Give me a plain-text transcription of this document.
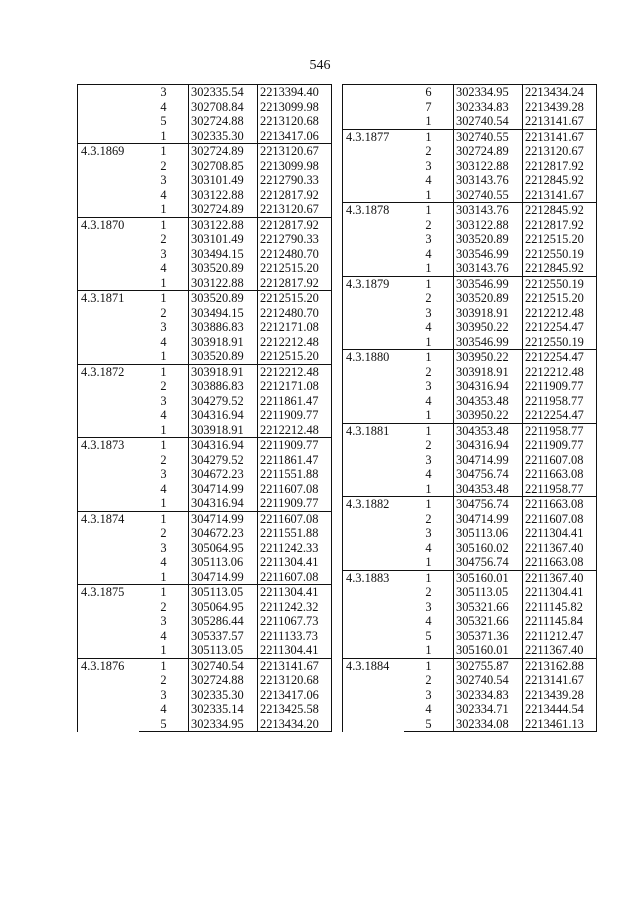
546
	3	302335.54	2213394.40
	4	302708.84	2213099.98
	5	302724.88	2213120.68
	1	302335.30	2213417.06
4.3.1869	1	302724.89	2213120.67
	2	302708.85	2213099.98
	3	303101.49	2212790.33
	4	303122.88	2212817.92
	1	302724.89	2213120.67
4.3.1870	1	303122.88	2212817.92
	2	303101.49	2212790.33
	3	303494.15	2212480.70
	4	303520.89	2212515.20
	1	303122.88	2212817.92
4.3.1871	1	303520.89	2212515.20
	2	303494.15	2212480.70
	3	303886.83	2212171.08
	4	303918.91	2212212.48
	1	303520.89	2212515.20
4.3.1872	1	303918.91	2212212.48
	2	303886.83	2212171.08
	3	304279.52	2211861.47
	4	304316.94	2211909.77
	1	303918.91	2212212.48
4.3.1873	1	304316.94	2211909.77
	2	304279.52	2211861.47
	3	304672.23	2211551.88
	4	304714.99	2211607.08
	1	304316.94	2211909.77
4.3.1874	1	304714.99	2211607.08
	2	304672.23	2211551.88
	3	305064.95	2211242.33
	4	305113.06	2211304.41
	1	304714.99	2211607.08
4.3.1875	1	305113.05	2211304.41
	2	305064.95	2211242.32
	3	305286.44	2211067.73
	4	305337.57	2211133.73
	1	305113.05	2211304.41
4.3.1876	1	302740.54	2213141.67
	2	302724.88	2213120.68
	3	302335.30	2213417.06
	4	302335.14	2213425.58
	5	302334.95	2213434.20
	6	302334.95	2213434.24
	7	302334.83	2213439.28
	1	302740.54	2213141.67
4.3.1877	1	302740.55	2213141.67
	2	302724.89	2213120.67
	3	303122.88	2212817.92
	4	303143.76	2212845.92
	1	302740.55	2213141.67
4.3.1878	1	303143.76	2212845.92
	2	303122.88	2212817.92
	3	303520.89	2212515.20
	4	303546.99	2212550.19
	1	303143.76	2212845.92
4.3.1879	1	303546.99	2212550.19
	2	303520.89	2212515.20
	3	303918.91	2212212.48
	4	303950.22	2212254.47
	1	303546.99	2212550.19
4.3.1880	1	303950.22	2212254.47
	2	303918.91	2212212.48
	3	304316.94	2211909.77
	4	304353.48	2211958.77
	1	303950.22	2212254.47
4.3.1881	1	304353.48	2211958.77
	2	304316.94	2211909.77
	3	304714.99	2211607.08
	4	304756.74	2211663.08
	1	304353.48	2211958.77
4.3.1882	1	304756.74	2211663.08
	2	304714.99	2211607.08
	3	305113.06	2211304.41
	4	305160.02	2211367.40
	1	304756.74	2211663.08
4.3.1883	1	305160.01	2211367.40
	2	305113.05	2211304.41
	3	305321.66	2211145.82
	4	305321.66	2211145.84
	5	305371.36	2211212.47
	1	305160.01	2211367.40
4.3.1884	1	302755.87	2213162.88
	2	302740.54	2213141.67
	3	302334.83	2213439.28
	4	302334.71	2213444.54
	5	302334.08	2213461.13
